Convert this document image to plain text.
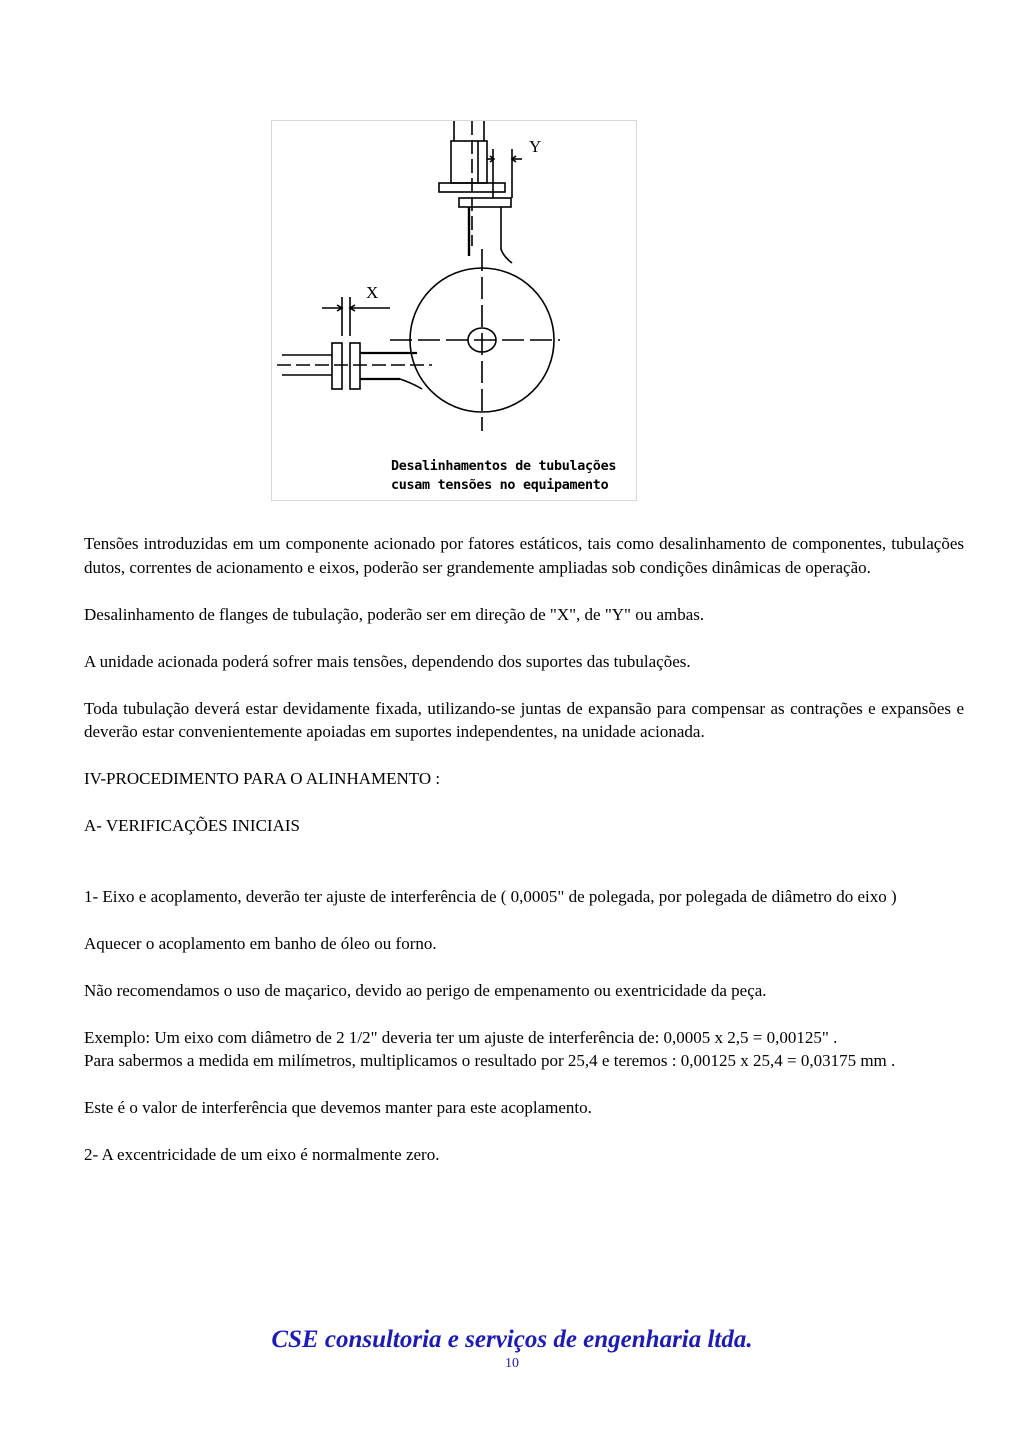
Y
X
Desalinhamentos de tubulações
cusam tensões no equipamento

Tensões introduzidas em um componente acionado por fatores estáticos, tais como desalinhamento de componentes, tubulações dutos, correntes de acionamento e eixos, poderão ser grandemente ampliadas sob condições dinâmicas de operação.

Desalinhamento de flanges de tubulação, poderão ser em direção de "X", de "Y" ou ambas.

A unidade acionada poderá sofrer mais tensões, dependendo dos suportes das tubulações.

Toda tubulação deverá estar devidamente fixada, utilizando-se juntas de expansão para compensar as contrações e expansões e deverão estar convenientemente apoiadas em suportes independentes, na unidade acionada.

IV-PROCEDIMENTO PARA O ALINHAMENTO :

A- VERIFICAÇÕES INICIAIS

1- Eixo e acoplamento, deverão ter ajuste de interferência de ( 0,0005" de polegada, por polegada de diâmetro do eixo )

Aquecer o acoplamento em banho de óleo ou forno.

Não recomendamos o uso de maçarico, devido ao perigo de empenamento ou exentricidade da peça.

Exemplo: Um eixo com diâmetro de 2 1/2" deveria ter um ajuste de interferência de: 0,0005 x 2,5 = 0,00125" .

Para sabermos a medida em milímetros, multiplicamos o resultado por 25,4 e teremos : 0,00125 x 25,4 = 0,03175 mm .

Este é o valor de interferência que devemos manter para este acoplamento.

2- A excentricidade de um eixo é normalmente zero.

CSE consultoria e serviços de engenharia ltda.
10
